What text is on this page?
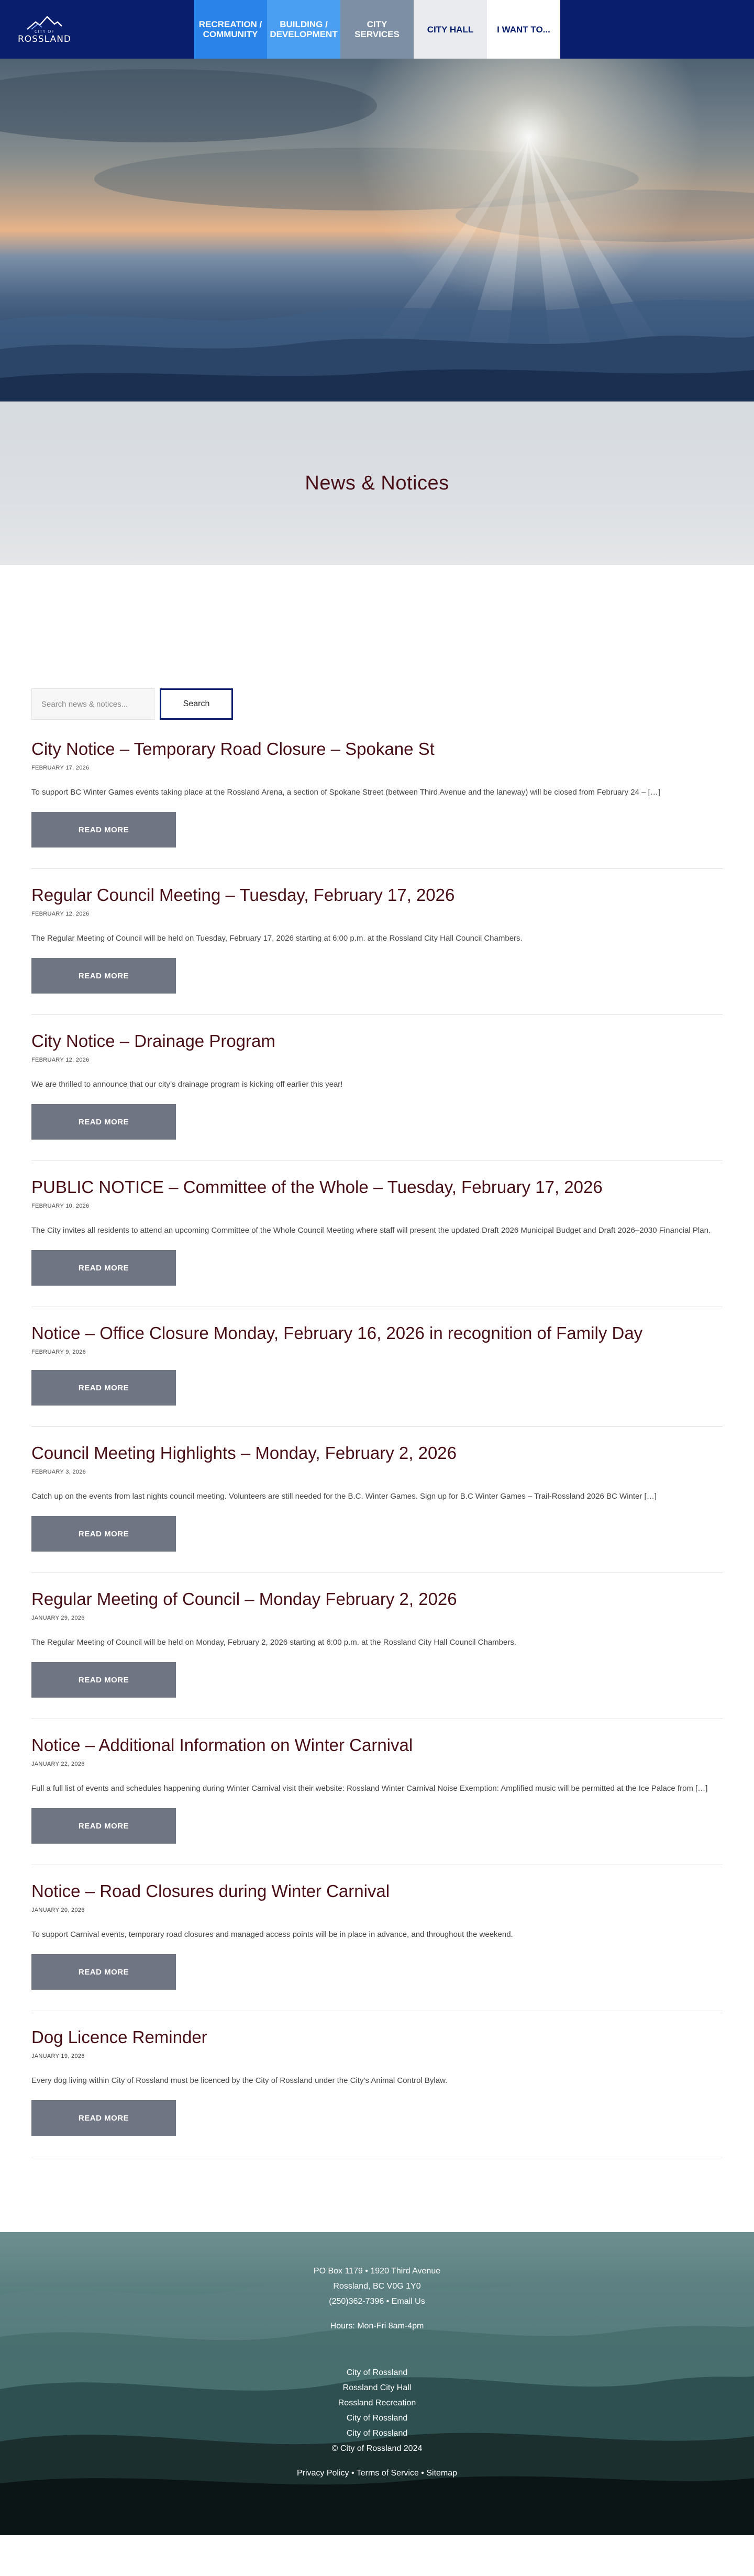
CITY OF
ROSSLAND
RECREATION / COMMUNITY
BUILDING / DEVELOPMENT
CITY SERVICES	CITY HALL	I WANT TO...
News & Notices
Search news & notices...
Search
City Notice – Temporary Road Closure – Spokane St
FEBRUARY 17, 2026

To support BC Winter Games events taking place at the Rossland Arena, a section of Spokane Street (between Third Avenue and the laneway) will be closed from February 24 – […]

READ MORE
Regular Council Meeting – Tuesday, February 17, 2026
FEBRUARY 12, 2026

The Regular Meeting of Council will be held on Tuesday, February 17, 2026 starting at 6:00 p.m. at the Rossland City Hall Council Chambers.

READ MORE
City Notice – Drainage Program
FEBRUARY 12, 2026

We are thrilled to announce that our city’s drainage program is kicking off earlier this year!

READ MORE
PUBLIC NOTICE – Committee of the Whole – Tuesday, February 17, 2026
FEBRUARY 10, 2026

The City invites all residents to attend an upcoming Committee of the Whole Council Meeting where staff will present the updated Draft 2026 Municipal Budget and Draft 2026–2030 Financial Plan.

READ MORE
Notice – Office Closure Monday, February 16, 2026 in recognition of Family Day
FEBRUARY 9, 2026
READ MORE
Council Meeting Highlights – Monday, February 2, 2026
FEBRUARY 3, 2026

Catch up on the events from last nights council meeting. Volunteers are still needed for the B.C. Winter Games. Sign up for B.C Winter Games – Trail-Rossland 2026 BC Winter […]

READ MORE
Regular Meeting of Council – Monday February 2, 2026
JANUARY 29, 2026

The Regular Meeting of Council will be held on Monday, February 2, 2026 starting at 6:00 p.m. at the Rossland City Hall Council Chambers.

READ MORE
Notice – Additional Information on Winter Carnival
JANUARY 22, 2026

Full a full list of events and schedules happening during Winter Carnival visit their website: Rossland Winter Carnival Noise Exemption: Amplified music will be permitted at the Ice Palace from […]

READ MORE
Notice – Road Closures during Winter Carnival
JANUARY 20, 2026

To support Carnival events, temporary road closures and managed access points will be in place in advance, and throughout the weekend.

READ MORE
Dog Licence Reminder
JANUARY 19, 2026

Every dog living within City of Rossland must be licenced by the City of Rossland under the City’s Animal Control Bylaw.

READ MORE
PO Box 1179 • 1920 Third Avenue
Rossland, BC V0G 1Y0
(250)362-7396 • Email Us
Hours: Mon-Fri 8am-4pm
City of Rossland
Rossland City Hall
Rossland Recreation
City of Rossland
City of Rossland
© City of Rossland 2024
Privacy Policy • Terms of Service • Sitemap
